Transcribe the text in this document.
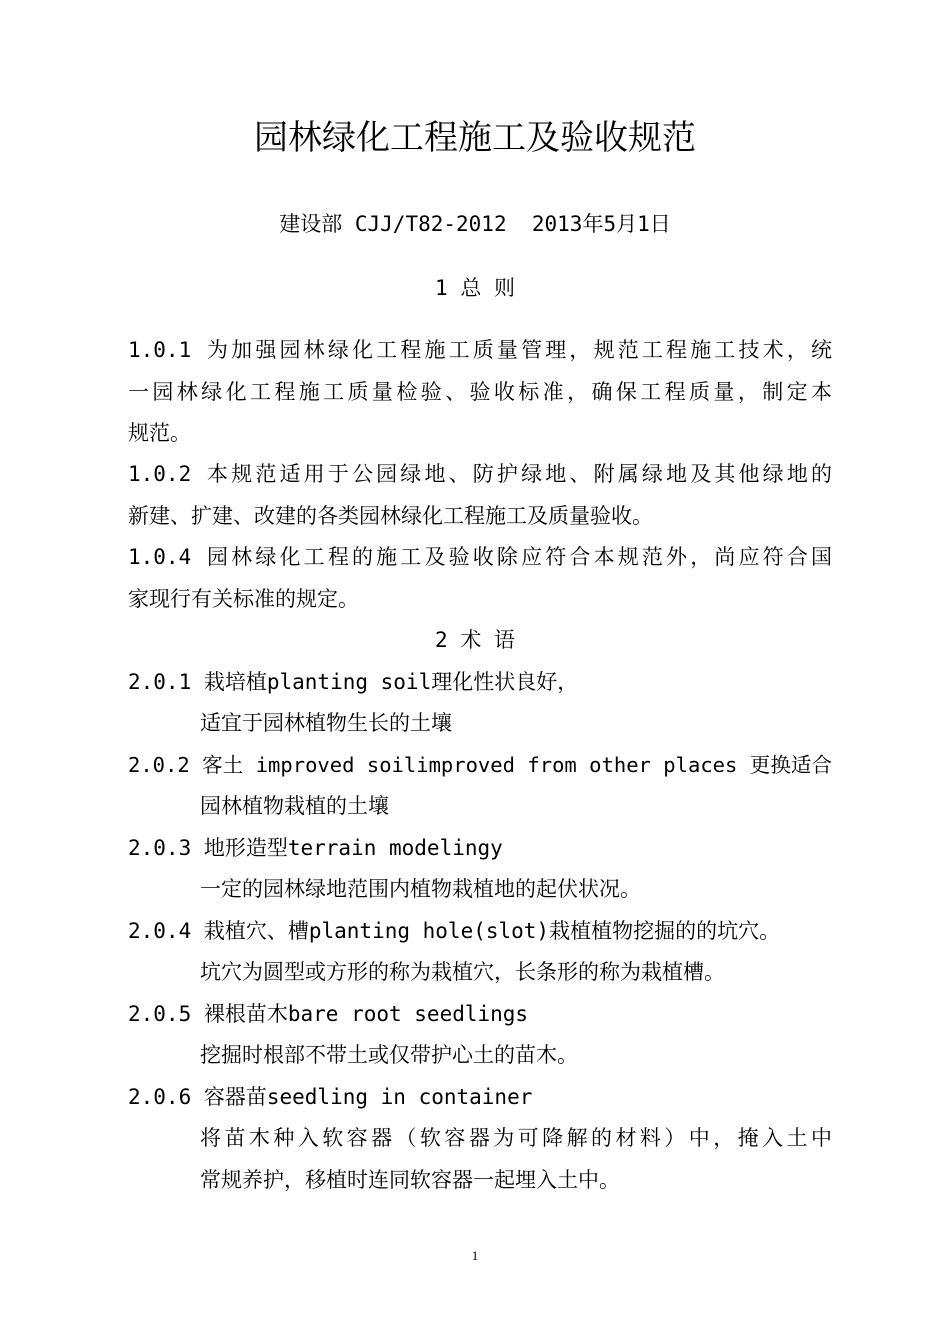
园林绿化工程施工及验收规范
建设部 CJJ/T82-2012  2013年5月1日
1 总 则
1.0.1 为加强园林绿化工程施工质量管理，规范工程施工技术，统
一园林绿化工程施工质量检验、验收标准，确保工程质量，制定本
规范。
1.0.2 本规范适用于公园绿地、防护绿地、附属绿地及其他绿地的
新建、扩建、改建的各类园林绿化工程施工及质量验收。
1.0.4 园林绿化工程的施工及验收除应符合本规范外，尚应符合国
家现行有关标准的规定。
2 术 语
2.0.1 栽培植planting soil理化性状良好，
适宜于园林植物生长的土壤
2.0.2 客土 improved soilimproved from other places 更换适合
园林植物栽植的土壤
2.0.3 地形造型terrain modelingy
一定的园林绿地范围内植物栽植地的起伏状况。
2.0.4 栽植穴、槽planting hole(slot)栽植植物挖掘的的坑穴。
坑穴为圆型或方形的称为栽植穴，长条形的称为栽植槽。
2.0.5 裸根苗木bare root seedlings
挖掘时根部不带土或仅带护心土的苗木。
2.0.6 容器苗seedling in container
将苗木种入软容器（软容器为可降解的材料）中，掩入土中
常规养护，移植时连同软容器一起埋入土中。
1
